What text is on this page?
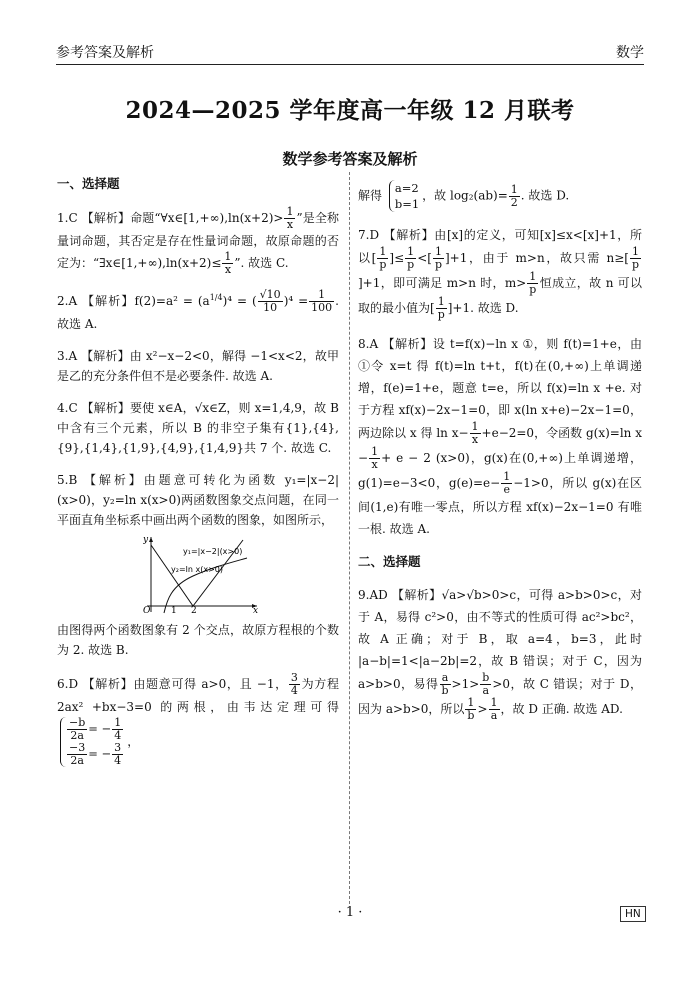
参考答案及解析	数学
2024—2025 学年度高一年级 12 月联考
数学参考答案及解析
一、选择题
1.C 【解析】命题“∀x∈[1,+∞),ln(x+2)> $\frac{1}{x}$ ”是全称量词命题，其否定是存在性量词命题，故原命题的否定为：“∃x∈[1,+∞),ln(x+2)≤ $\frac{1}{x}$ ”. 故选 C.
2.A 【解析】$f(2)=a^2 = (a^{1/4})^4$ = ( $\frac{√10}{10} )^4 = \frac{1}{100}$ . 故选 A.
3.A 【解析】由 x²−x−2<0，解得 −1<x<2，故甲是乙的充分条件但不是必要条件. 故选 A.
4.C 【解析】要使 x∈A，√x∈Z，则 x=1,4,9，故 B 中含有三个元素，所以 B 的非空子集有{1},{4},{9},{1,4},{1,9},{4,9},{1,4,9}共 7 个. 故选 C.
5.B 【解析】由题意可转化为函数 y₁=|x−2|(x>0)，y₂=ln x(x>0)两函数图象交点问题，在同一平面直角坐标系中画出两个函数的图象，如图所示，
y₁=|x−2|(x>0)
y₂=ln x(x>0)
O 1 2	x
y
由图得两个函数图象有 2 个交点，故原方程根的个数为 2. 故选 B.
6.D 【解析】由题意可得 a>0，且 −1， $\frac{3}{4}$ 为方程 2ax² +bx−3=0 的两根，由韦达定理可得
$\frac{-b}{2a}$ = − $\frac{1}{4}$
$\frac{-3}{2a}$ = − $\frac{3}{4}$
，
解得
a=2
b=1
，故 $\log_2(ab)= \frac{1}{2}$ . 故选 D.
7.D 【解析】由[x]的定义，可知[x]≤x<[x]+1，所以[ $\frac{1}{p}$ ]≤ $\frac{1}{p}$ <[ $\frac{1}{p} ]+1$，由于 m>n，故只需 $n\ge[ \frac{1}{p}$
]+1，即可满足 m>n 时，$m> \frac{1}{p}$ 恒成立，故 n 可以取的最小值为[ $\frac{1}{p} ]+1$. 故选 D.
8.A 【解析】设 t=f(x)−ln x ①，则 f(t)=1+e，由①令 x=t 得 f(t)=ln t+t，f(t)在(0,+∞)上单调递增，f(e)=1+e，题意 t=e，所以 f(x)=ln x +e. 对于方程 xf(x)−2x−1=0，即 x(ln x+e)−2x−1=0，两边除以 x 得 $\ln x- \frac{1}{x} +e-2=0$，令函数 g(x)=ln $x - \frac{1}{x} + e - 2$ (x>0)，g(x)在(0,+∞)上单调递增，g(1)=e−3<0，$g(e)=e- \frac{1}{e} -1>0$，所以 g(x)在区间(1,e)有唯一零点，所以方程 xf(x)−2x−1=0 有唯一根. 故选 A.
二、选择题
9.AD 【解析】√a>√b>0>c，可得 a>b>0>c，对于 A，易得 c²>0，由不等式的性质可得 ac²>bc²，故 A 正确；对于 B，取 a=4，b=3，此时 |a−b|=1<|a−2b|=2，故 B 错误；对于 C，因为 a>b>0，易得 $\frac{a}{b} >1> \frac{b}{a} >0$，故 C 错误；对于 D，因为 a>b>0，所以 $\frac{1}{b} > \frac{1}{a}$ ，故 D 正确. 故选 AD.
· 1 ·	HN
